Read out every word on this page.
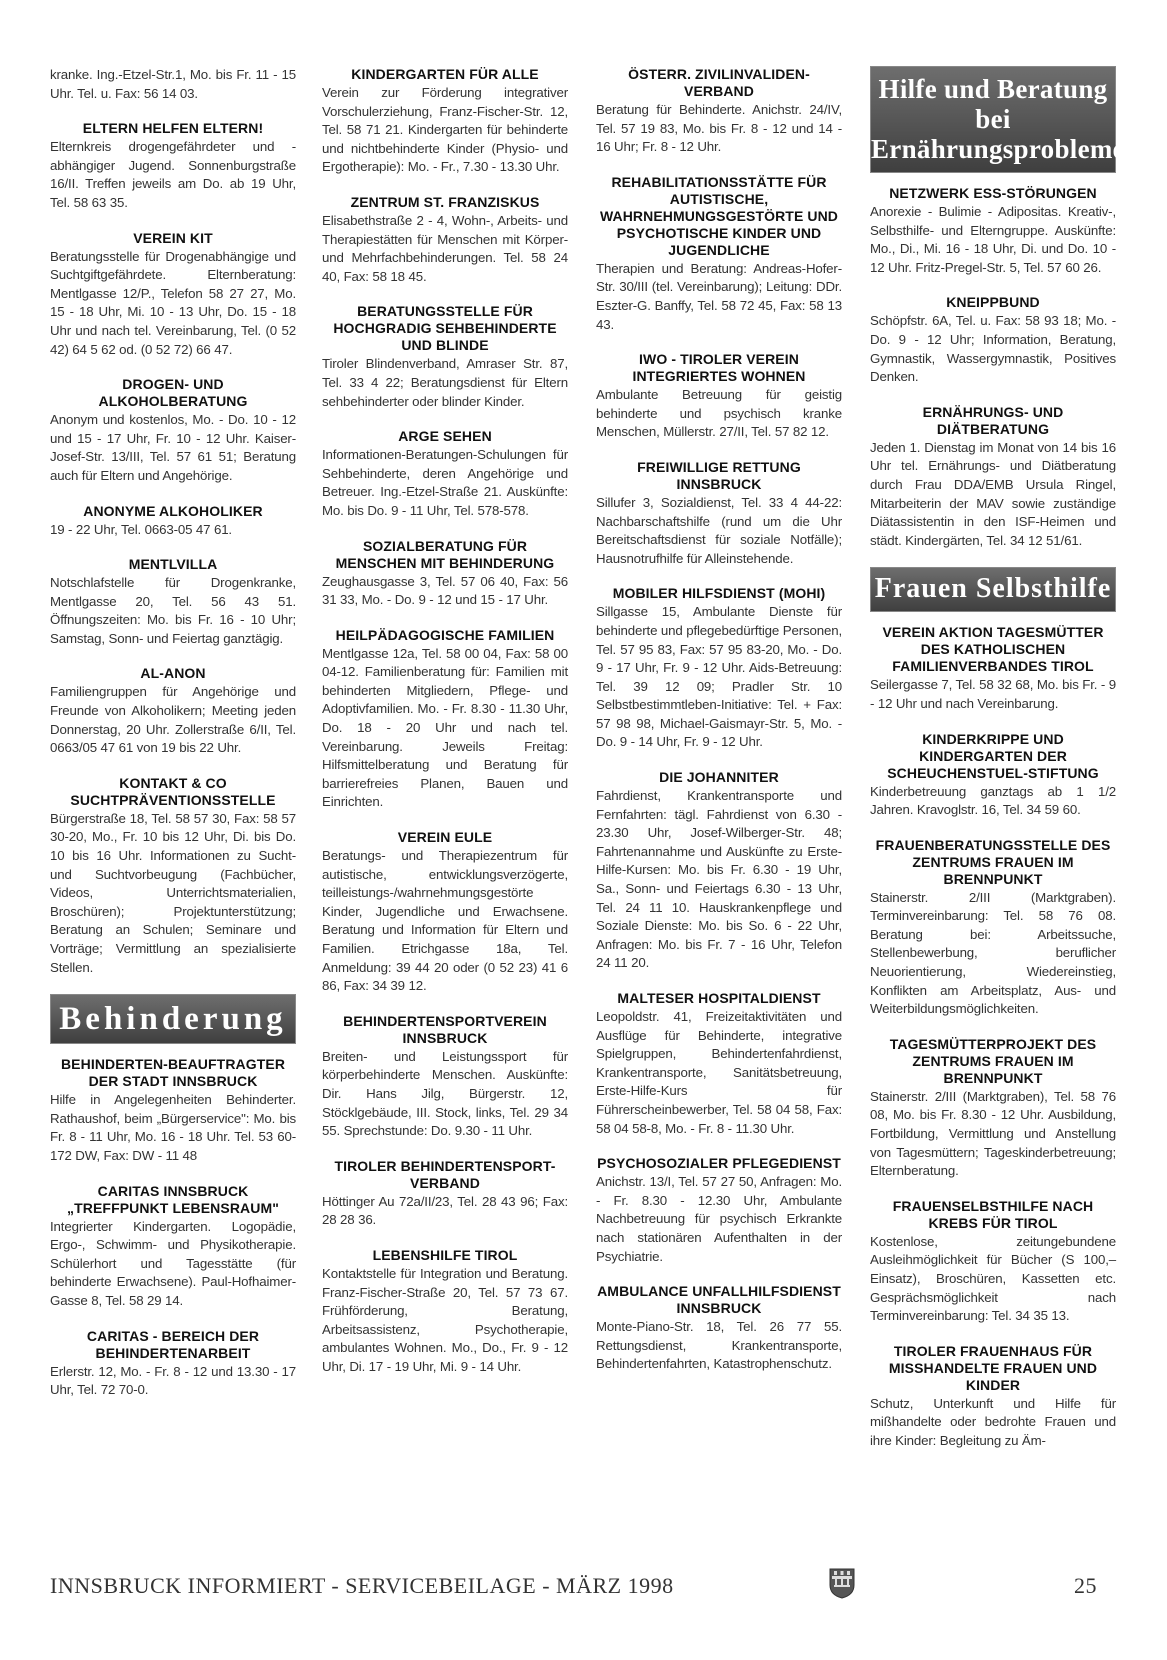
kranke. Ing.-Etzel-Str.1, Mo. bis Fr. 11 - 15 Uhr. Tel. u. Fax: 56 14 03.

ELTERN HELFEN ELTERN!

Elternkreis drogengefährdeter und -abhängiger Jugend. Sonnenburgstraße 16/II. Treffen jeweils am Do. ab 19 Uhr, Tel. 58 63 35.

VEREIN KIT

Beratungsstelle für Drogenabhängige und Suchtgiftgefährdete. Elternberatung: Mentlgasse 12/P., Telefon 58 27 27, Mo. 15 - 18 Uhr, Mi. 10 - 13 Uhr, Do. 15 - 18 Uhr und nach tel. Vereinbarung, Tel. (0 52 42) 64 5 62 od. (0 52 72) 66 47.

DROGEN- UND ALKOHOLBERATUNG

Anonym und kostenlos, Mo. - Do. 10 - 12 und 15 - 17 Uhr, Fr. 10 - 12 Uhr. Kaiser-Josef-Str. 13/III, Tel. 57 61 51; Beratung auch für Eltern und Angehörige.

ANONYME ALKOHOLIKER

19 - 22 Uhr, Tel. 0663-05 47 61.

MENTLVILLA

Notschlafstelle für Drogenkranke, Mentlgasse 20, Tel. 56 43 51. Öffnungszeiten: Mo. bis Fr. 16 - 10 Uhr; Samstag, Sonn- und Feiertag ganztägig.

AL-ANON

Familiengruppen für Angehörige und Freunde von Alkoholikern; Meeting jeden Donnerstag, 20 Uhr. Zollerstraße 6/II, Tel. 0663/05 47 61 von 19 bis 22 Uhr.

KONTAKT & CO SUCHTPRÄVENTIONSSTELLE

Bürgerstraße 18, Tel. 58 57 30, Fax: 58 57 30-20, Mo., Fr. 10 bis 12 Uhr, Di. bis Do. 10 bis 16 Uhr. Informationen zu Sucht- und Suchtvorbeugung (Fachbücher, Videos, Unterrichtsmaterialien, Broschüren); Projektunterstützung; Beratung an Schulen; Seminare und Vorträge; Vermittlung an spezialisierte Stellen.

Behinderung
BEHINDERTEN-BEAUFTRAGTER DER STADT INNSBRUCK

Hilfe in Angelegenheiten Behinderter. Rathaushof, beim „Bürgerservice": Mo. bis Fr. 8 - 11 Uhr, Mo. 16 - 18 Uhr. Tel. 53 60-172 DW, Fax: DW - 11 48

CARITAS INNSBRUCK „TREFFPUNKT LEBENSRAUM"

Integrierter Kindergarten. Logopädie, Ergo-, Schwimm- und Physikotherapie. Schülerhort und Tagesstätte (für behinderte Erwachsene). Paul-Hofhaimer-Gasse 8, Tel. 58 29 14.

CARITAS - BEREICH DER BEHINDERTENARBEIT

Erlerstr. 12, Mo. - Fr. 8 - 12 und 13.30 - 17 Uhr, Tel. 72 70-0.

KINDERGARTEN FÜR ALLE

Verein zur Förderung integrativer Vorschulerziehung, Franz-Fischer-Str. 12, Tel. 58 71 21. Kindergarten für behinderte und nichtbehinderte Kinder (Physio- und Ergotherapie): Mo. - Fr., 7.30 - 13.30 Uhr.

ZENTRUM ST. FRANZISKUS

Elisabethstraße 2 - 4, Wohn-, Arbeits- und Therapiestätten für Menschen mit Körper- und Mehrfachbehinderungen. Tel. 58 24 40, Fax: 58 18 45.

BERATUNGSSTELLE FÜR HOCHGRADIG SEHBEHINDERTE UND BLINDE

Tiroler Blindenverband, Amraser Str. 87, Tel. 33 4 22; Beratungsdienst für Eltern sehbehinderter oder blinder Kinder.

ARGE SEHEN

Informationen-Beratungen-Schulungen für Sehbehinderte, deren Angehörige und Betreuer. Ing.-Etzel-Straße 21. Auskünfte: Mo. bis Do. 9 - 11 Uhr, Tel. 578-578.

SOZIALBERATUNG FÜR MENSCHEN MIT BEHINDERUNG

Zeughausgasse 3, Tel. 57 06 40, Fax: 56 31 33, Mo. - Do. 9 - 12 und 15 - 17 Uhr.

HEILPÄDAGOGISCHE FAMILIEN

Mentlgasse 12a, Tel. 58 00 04, Fax: 58 00 04-12. Familienberatung für: Familien mit behinderten Mitgliedern, Pflege- und Adoptivfamilien. Mo. - Fr. 8.30 - 11.30 Uhr, Do. 18 - 20 Uhr und nach tel. Vereinbarung. Jeweils Freitag: Hilfsmittelberatung und Beratung für barrierefreies Planen, Bauen und Einrichten.

VEREIN EULE

Beratungs- und Therapiezentrum für autistische, entwicklungsverzögerte, teilleistungs-/wahrnehmungsgestörte Kinder, Jugendliche und Erwachsene. Beratung und Information für Eltern und Familien. Etrichgasse 18a, Tel. Anmeldung: 39 44 20 oder (0 52 23) 41 6 86, Fax: 34 39 12.

BEHINDERTENSPORTVEREIN INNSBRUCK

Breiten- und Leistungssport für körperbehinderte Menschen. Auskünfte: Dir. Hans Jilg, Bürgerstr. 12, Stöcklgebäude, III. Stock, links, Tel. 29 34 55. Sprechstunde: Do. 9.30 - 11 Uhr.

TIROLER BEHINDERTENSPORT-VERBAND

Höttinger Au 72a/II/23, Tel. 28 43 96; Fax: 28 28 36.

LEBENSHILFE TIROL

Kontaktstelle für Integration und Beratung. Franz-Fischer-Straße 20, Tel. 57 73 67. Frühförderung, Beratung, Arbeitsassistenz, Psychotherapie, ambulantes Wohnen. Mo., Do., Fr. 9 - 12 Uhr, Di. 17 - 19 Uhr, Mi. 9 - 14 Uhr.

ÖSTERR. ZIVILINVALIDEN-VERBAND

Beratung für Behinderte. Anichstr. 24/IV, Tel. 57 19 83, Mo. bis Fr. 8 - 12 und 14 - 16 Uhr; Fr. 8 - 12 Uhr.

REHABILITATIONSSTÄTTE FÜR AUTISTISCHE, WAHRNEHMUNGSGESTÖRTE UND PSYCHOTISCHE KINDER UND JUGENDLICHE

Therapien und Beratung: Andreas-Hofer-Str. 30/III (tel. Vereinbarung); Leitung: DDr. Eszter-G. Banffy, Tel. 58 72 45, Fax: 58 13 43.

IWO - TIROLER VEREIN INTEGRIERTES WOHNEN

Ambulante Betreuung für geistig behinderte und psychisch kranke Menschen, Müllerstr. 27/II, Tel. 57 82 12.

FREIWILLIGE RETTUNG INNSBRUCK

Sillufer 3, Sozialdienst, Tel. 33 4 44-22: Nachbarschaftshilfe (rund um die Uhr Bereitschaftsdienst für soziale Notfälle); Hausnotrufhilfe für Alleinstehende.

MOBILER HILFSDIENST (MOHI)

Sillgasse 15, Ambulante Dienste für behinderte und pflegebedürftige Personen, Tel. 57 95 83, Fax: 57 95 83-20, Mo. - Do. 9 - 17 Uhr, Fr. 9 - 12 Uhr. Aids-Betreuung: Tel. 39 12 09; Pradler Str. 10 Selbstbestimmtleben-Initiative: Tel. + Fax: 57 98 98, Michael-Gaismayr-Str. 5, Mo. - Do. 9 - 14 Uhr, Fr. 9 - 12 Uhr.

DIE JOHANNITER

Fahrdienst, Krankentransporte und Fernfahrten: tägl. Fahrdienst von 6.30 - 23.30 Uhr, Josef-Wilberger-Str. 48; Fahrtenannahme und Auskünfte zu Erste-Hilfe-Kursen: Mo. bis Fr. 6.30 - 19 Uhr, Sa., Sonn- und Feiertags 6.30 - 13 Uhr, Tel. 24 11 10. Hauskrankenpflege und Soziale Dienste: Mo. bis So. 6 - 22 Uhr, Anfragen: Mo. bis Fr. 7 - 16 Uhr, Telefon 24 11 20.

MALTESER HOSPITALDIENST

Leopoldstr. 41, Freizeitaktivitäten und Ausflüge für Behinderte, integrative Spielgruppen, Behindertenfahrdienst, Krankentransporte, Sanitätsbetreuung, Erste-Hilfe-Kurs für Führerscheinbewerber, Tel. 58 04 58, Fax: 58 04 58-8, Mo. - Fr. 8 - 11.30 Uhr.

PSYCHOSOZIALER PFLEGEDIENST

Anichstr. 13/I, Tel. 57 27 50, Anfragen: Mo. - Fr. 8.30 - 12.30 Uhr, Ambulante Nachbetreuung für psychisch Erkrankte nach stationären Aufenthalten in der Psychiatrie.

AMBULANCE UNFALLHILFSDIENST INNSBRUCK

Monte-Piano-Str. 18, Tel. 26 77 55. Rettungsdienst, Krankentransporte, Behindertenfahrten, Katastrophenschutz.

Hilfe und Beratung bei Ernährungsproblemen
NETZWERK ESS-STÖRUNGEN

Anorexie - Bulimie - Adipositas. Kreativ-, Selbsthilfe- und Elterngruppe. Auskünfte: Mo., Di., Mi. 16 - 18 Uhr, Di. und Do. 10 - 12 Uhr. Fritz-Pregel-Str. 5, Tel. 57 60 26.

KNEIPPBUND

Schöpfstr. 6A, Tel. u. Fax: 58 93 18; Mo. - Do. 9 - 12 Uhr; Information, Beratung, Gymnastik, Wassergymnastik, Positives Denken.

ERNÄHRUNGS- UND DIÄTBERATUNG

Jeden 1. Dienstag im Monat von 14 bis 16 Uhr tel. Ernährungs- und Diätberatung durch Frau DDA/EMB Ursula Ringel, Mitarbeiterin der MAV sowie zuständige Diätassistentin in den ISF-Heimen und städt. Kindergärten, Tel. 34 12 51/61.

Frauen Selbsthilfe
VEREIN AKTION TAGESMÜTTER DES KATHOLISCHEN FAMILIENVERBANDES TIROL

Seilergasse 7, Tel. 58 32 68, Mo. bis Fr. - 9 - 12 Uhr und nach Vereinbarung.

KINDERKRIPPE UND KINDERGARTEN DER SCHEUCHENSTUEL-STIFTUNG

Kinderbetreuung ganztags ab 1 1/2 Jahren. Kravoglstr. 16, Tel. 34 59 60.

FRAUENBERATUNGSSTELLE DES ZENTRUMS FRAUEN IM BRENNPUNKT

Stainerstr. 2/III (Marktgraben). Terminvereinbarung: Tel. 58 76 08. Beratung bei: Arbeitssuche, Stellenbewerbung, beruflicher Neuorientierung, Wiedereinstieg, Konflikten am Arbeitsplatz, Aus- und Weiterbildungsmöglichkeiten.

TAGESMÜTTERPROJEKT DES ZENTRUMS FRAUEN IM BRENNPUNKT

Stainerstr. 2/III (Marktgraben), Tel. 58 76 08, Mo. bis Fr. 8.30 - 12 Uhr. Ausbildung, Fortbildung, Vermittlung und Anstellung von Tagesmüttern; Tageskinderbetreuung; Elternberatung.

FRAUENSELBSTHILFE NACH KREBS FÜR TIROL

Kostenlose, zeitungebundene Ausleihmöglichkeit für Bücher (S 100,– Einsatz), Broschüren, Kassetten etc. Gesprächsmöglichkeit nach Terminvereinbarung: Tel. 34 35 13.

TIROLER FRAUENHAUS FÜR MISSHANDELTE FRAUEN UND KINDER

Schutz, Unterkunft und Hilfe für mißhandelte oder bedrohte Frauen und ihre Kinder: Begleitung zu Äm-

INNSBRUCK INFORMIERT - SERVICEBEILAGE - MÄRZ 1998	25
